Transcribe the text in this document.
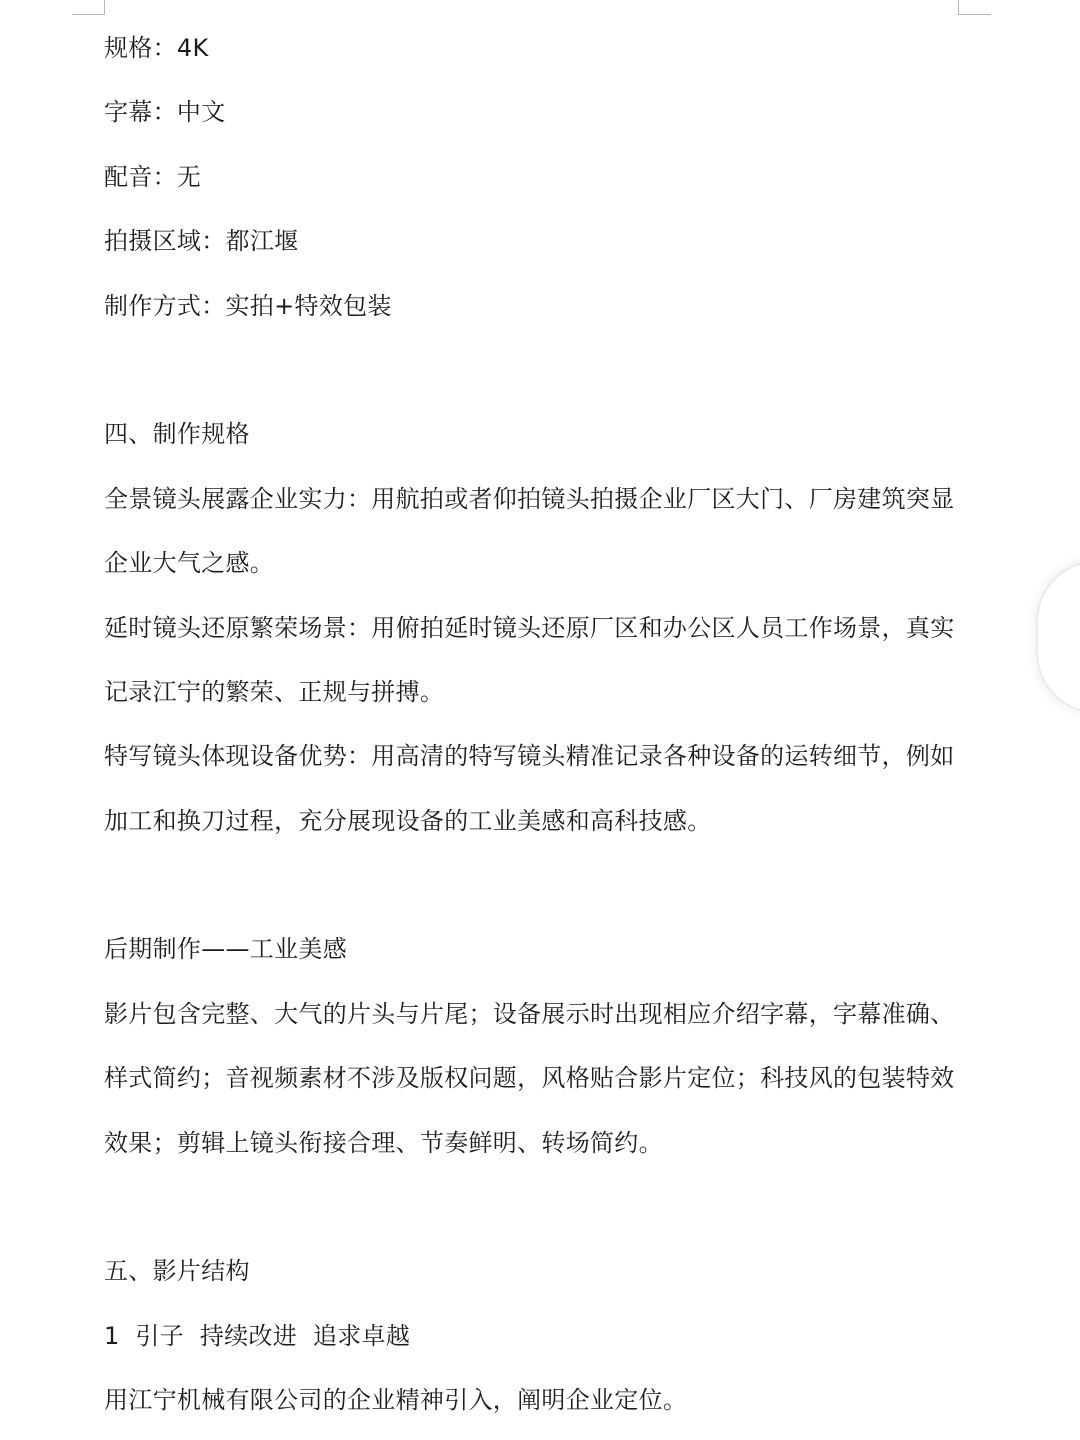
规格：4K
字幕：中文
配音：无
拍摄区域：都江堰
制作方式：实拍+特效包装
四、制作规格
全景镜头展露企业实力：用航拍或者仰拍镜头拍摄企业厂区大门、厂房建筑突显
企业大气之感。
延时镜头还原繁荣场景：用俯拍延时镜头还原厂区和办公区人员工作场景，真实
记录江宁的繁荣、正规与拼搏。
特写镜头体现设备优势：用高清的特写镜头精准记录各种设备的运转细节，例如
加工和换刀过程，充分展现设备的工业美感和高科技感。
后期制作——工业美感
影片包含完整、大气的片头与片尾；设备展示时出现相应介绍字幕，字幕准确、
样式简约；音视频素材不涉及版权问题，风格贴合影片定位；科技风的包装特效
效果；剪辑上镜头衔接合理、节奏鲜明、转场简约。
五、影片结构
1  引子  持续改进  追求卓越
用江宁机械有限公司的企业精神引入，阐明企业定位。
